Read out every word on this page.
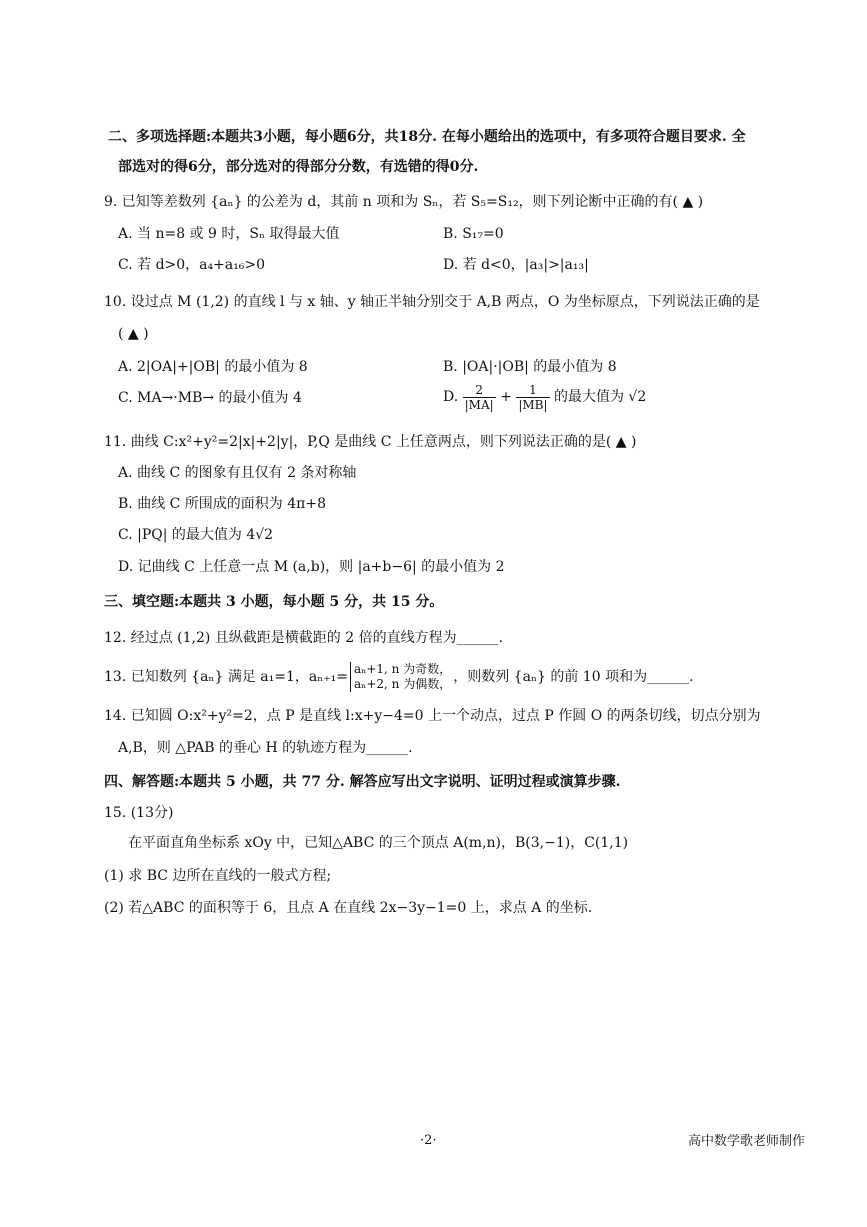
二、多项选择题:本题共3小题，每小题6分，共18分. 在每小题给出的选项中，有多项符合题目要求. 全
部选对的得6分，部分选对的得部分分数，有选错的得0分.
9. 已知等差数列 {aₙ} 的公差为 d，其前 n 项和为 Sₙ，若 S₅=S₁₂，则下列论断中正确的有( ▲ )
A. 当 n=8 或 9 时，Sₙ 取得最大值	B. S₁₇=0
C. 若 d>0，a₄+a₁₆>0	D. 若 d<0，|a₃|>|a₁₃|
10. 设过点 M (1,2) 的直线 l 与 x 轴、y 轴正半轴分别交于 A,B 两点，O 为坐标原点，下列说法正确的是
( ▲ )
A. 2|OA|+|OB| 的最小值为 8	B. |OA|·|OB| 的最小值为 8
C. MA→·MB→ 的最小值为 4	D. $\frac{2}{|MA|} + \frac{1}{|MB|}$ 的最大值为 √2
11. 曲线 C:x²+y²=2|x|+2|y|，P,Q 是曲线 C 上任意两点，则下列说法正确的是( ▲ )
A. 曲线 C 的图象有且仅有 2 条对称轴
B. 曲线 C 所围成的面积为 4π+8
C. |PQ| 的最大值为 4√2
D. 记曲线 C 上任意一点 M (a,b)，则 |a+b−6| 的最小值为 2
三、填空题:本题共 3 小题，每小题 5 分，共 15 分。
12. 经过点 (1,2) 且纵截距是横截距的 2 倍的直线方程为______.
13. 已知数列 {aₙ} 满足 a₁=1，aₙ₊₁= aₙ+1, n 为奇数，
aₙ+2, n 为偶数， ，则数列 {aₙ} 的前 10 项和为______.
14. 已知圆 O:x²+y²=2，点 P 是直线 l:x+y−4=0 上一个动点，过点 P 作圆 O 的两条切线，切点分别为
A,B，则 △PAB 的垂心 H 的轨迹方程为______.
四、解答题:本题共 5 小题，共 77 分. 解答应写出文字说明、证明过程或演算步骤.
15. (13分)
在平面直角坐标系 xOy 中，已知△ABC 的三个顶点 A(m,n)，B(3,−1)，C(1,1)
(1) 求 BC 边所在直线的一般式方程;
(2) 若△ABC 的面积等于 6，且点 A 在直线 2x−3y−1=0 上，求点 A 的坐标.
·2·	高中数学歌老师制作
